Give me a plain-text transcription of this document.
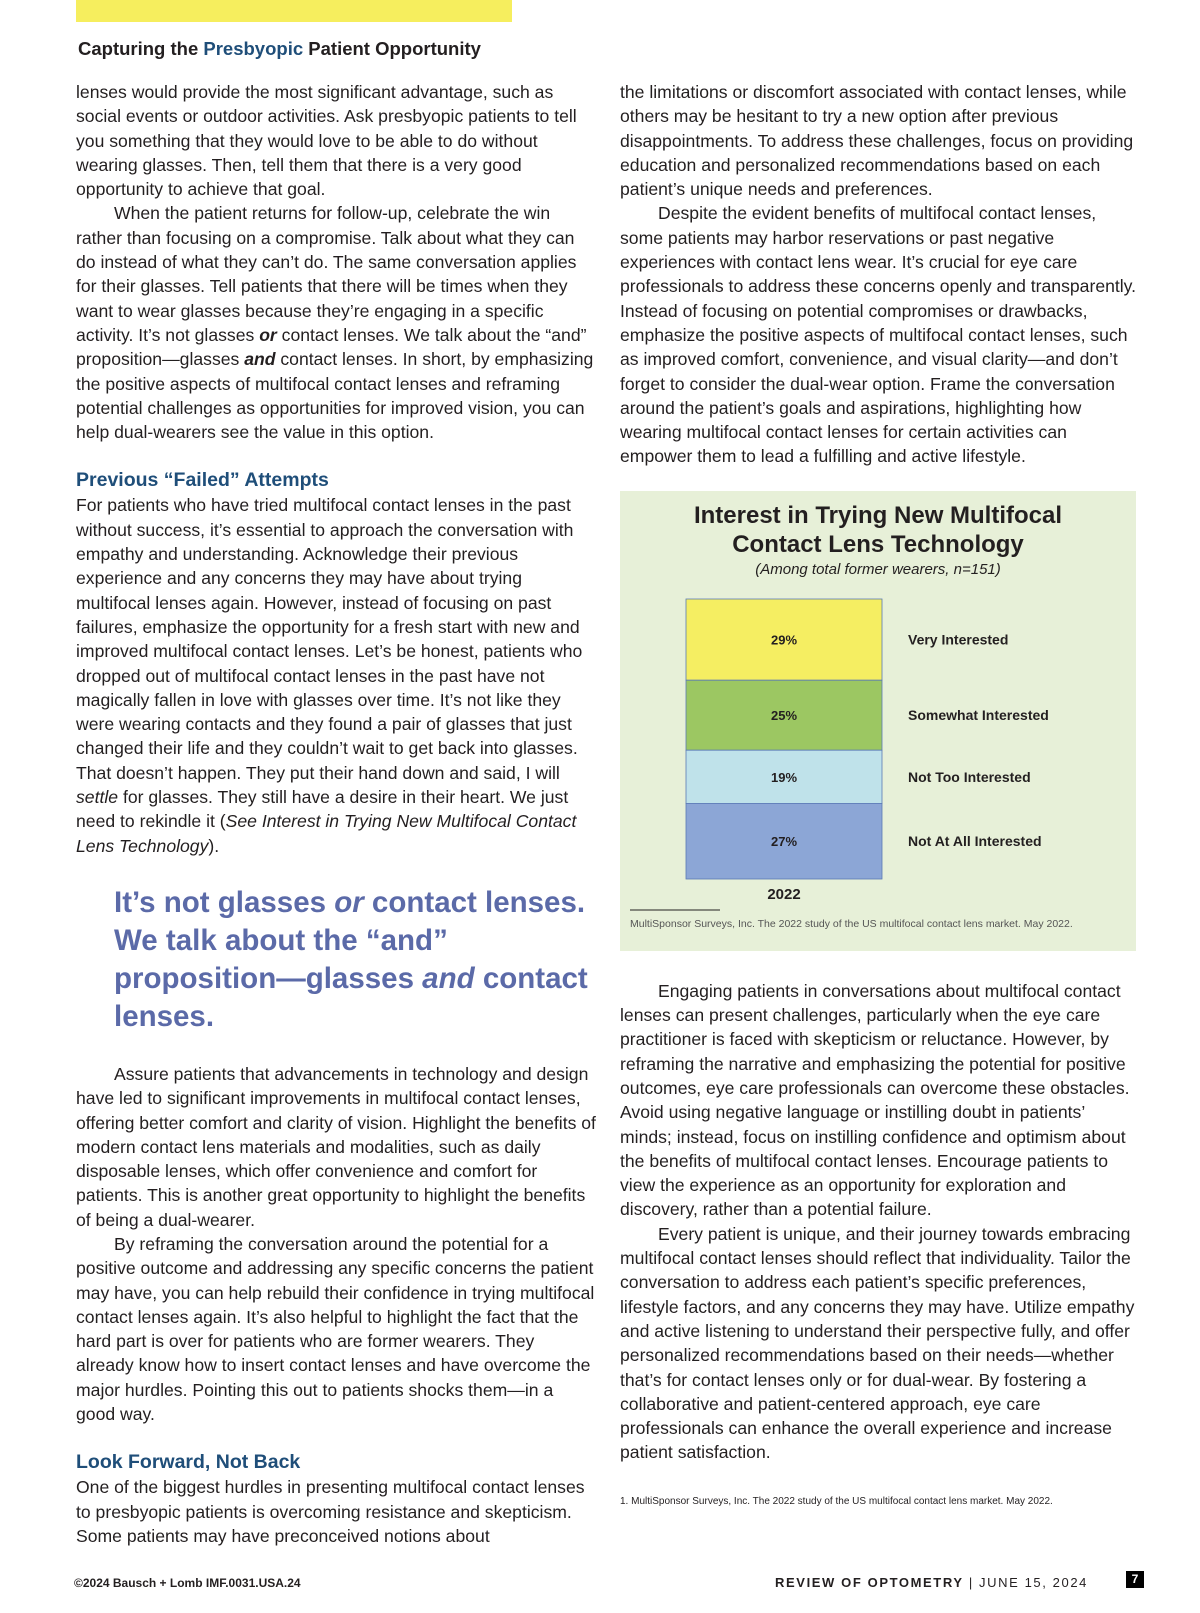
Capturing the Presbyopic Patient Opportunity

lenses would provide the most significant advantage, such as social events or outdoor activities. Ask presbyopic patients to tell you something that they would love to be able to do without wearing glasses. Then, tell them that there is a very good opportunity to achieve that goal.

When the patient returns for follow-up, celebrate the win rather than focusing on a compromise. Talk about what they can do instead of what they can’t do. The same conversation applies for their glasses. Tell patients that there will be times when they want to wear glasses because they’re engaging in a specific activity. It’s not glasses or contact lenses. We talk about the “and” proposition—glasses and contact lenses. In short, by emphasizing the positive aspects of multifocal contact lenses and reframing potential challenges as opportunities for improved vision, you can help dual-wearers see the value in this option.

Previous “Failed” Attempts

For patients who have tried multifocal contact lenses in the past without success, it’s essential to approach the conversation with empathy and understanding. Acknowledge their previous experience and any concerns they may have about trying multifocal lenses again. However, instead of focusing on past failures, emphasize the opportunity for a fresh start with new and improved multifocal contact lenses. Let’s be honest, patients who dropped out of multifocal contact lenses in the past have not magically fallen in love with glasses over time. It’s not like they were wearing contacts and they found a pair of glasses that just changed their life and they couldn’t wait to get back into glasses. That doesn’t happen. They put their hand down and said, I will settle for glasses. They still have a desire in their heart. We just need to rekindle it (See Interest in Trying New Multifocal Contact Lens Technology).

It’s not glasses or contact lenses. We talk about the “and” proposition—glasses and contact lenses.

Assure patients that advancements in technology and design have led to significant improvements in multifocal contact lenses, offering better comfort and clarity of vision. Highlight the benefits of modern contact lens materials and modalities, such as daily disposable lenses, which offer convenience and comfort for patients. This is another great opportunity to highlight the benefits of being a dual-wearer.

By reframing the conversation around the potential for a positive outcome and addressing any specific concerns the patient may have, you can help rebuild their confidence in trying multifocal contact lenses again. It’s also helpful to highlight the fact that the hard part is over for patients who are former wearers. They already know how to insert contact lenses and have overcome the major hurdles. Pointing this out to patients shocks them—in a good way.

Look Forward, Not Back

One of the biggest hurdles in presenting multifocal contact lenses to presbyopic patients is overcoming resistance and skepticism. Some patients may have preconceived notions about

the limitations or discomfort associated with contact lenses, while others may be hesitant to try a new option after previous disappointments. To address these challenges, focus on providing education and personalized recommendations based on each patient’s unique needs and preferences.

Despite the evident benefits of multifocal contact lenses, some patients may harbor reservations or past negative experiences with contact lens wear. It’s crucial for eye care professionals to address these concerns openly and transparently. Instead of focusing on potential compromises or drawbacks, emphasize the positive aspects of multifocal contact lenses, such as improved comfort, convenience, and visual clarity—and don’t forget to consider the dual-wear option. Frame the conversation around the patient’s goals and aspirations, highlighting how wearing multifocal contact lenses for certain activities can empower them to lead a fulfilling and active lifestyle.

Interest in Trying New Multifocal
Contact Lens Technology
(Among total former wearers, n=151)
29%	Very Interested
25%	Somewhat Interested
19%	Not Too Interested
27%	Not At All Interested
2022
MultiSponsor Surveys, Inc. The 2022 study of the US multifocal contact lens market. May 2022.

Engaging patients in conversations about multifocal contact lenses can present challenges, particularly when the eye care practitioner is faced with skepticism or reluctance. However, by reframing the narrative and emphasizing the potential for positive outcomes, eye care professionals can overcome these obstacles. Avoid using negative language or instilling doubt in patients’ minds; instead, focus on instilling confidence and optimism about the benefits of multifocal contact lenses. Encourage patients to view the experience as an opportunity for exploration and discovery, rather than a potential failure.

Every patient is unique, and their journey towards embracing multifocal contact lenses should reflect that individuality. Tailor the conversation to address each patient’s specific preferences, lifestyle factors, and any concerns they may have. Utilize empathy and active listening to understand their perspective fully, and offer personalized recommendations based on their needs—whether that’s for contact lenses only or for dual-wear. By fostering a collaborative and patient-centered approach, eye care professionals can enhance the overall experience and increase patient satisfaction.

1. MultiSponsor Surveys, Inc. The 2022 study of the US multifocal contact lens market. May 2022.

©2024 Bausch + Lomb IMF.0031.USA.24	REVIEW OF OPTOMETRY | JUNE 15, 2024	7
